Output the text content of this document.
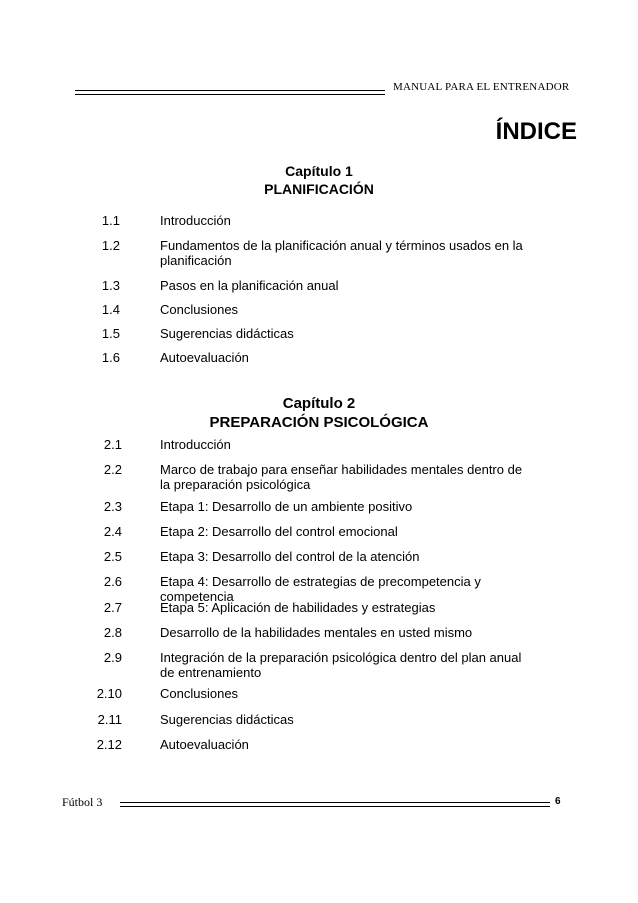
MANUAL PARA EL ENTRENADOR
ÍNDICE
Capítulo 1
PLANIFICACIÓN
1.1	Introducción
1.2	Fundamentos de la planificación anual y términos usados en la planificación
1.3	Pasos en la planificación anual
1.4	Conclusiones
1.5	Sugerencias didácticas
1.6	Autoevaluación
Capítulo 2
PREPARACIÓN PSICOLÓGICA
2.1	Introducción
2.2	Marco de trabajo para enseñar habilidades mentales dentro de la preparación psicológica
2.3	Etapa 1: Desarrollo de un ambiente positivo
2.4	Etapa 2: Desarrollo del control emocional
2.5	Etapa 3: Desarrollo del control de la atención
2.6	Etapa 4: Desarrollo de estrategias de precompetencia y competencia
2.7	Etapa 5: Aplicación de habilidades y estrategias
2.8	Desarrollo de la habilidades mentales en usted mismo
2.9	Integración de la preparación psicológica dentro del plan anual de entrenamiento
2.10	Conclusiones
2.11	Sugerencias didácticas
2.12	Autoevaluación
Fútbol 3	6
